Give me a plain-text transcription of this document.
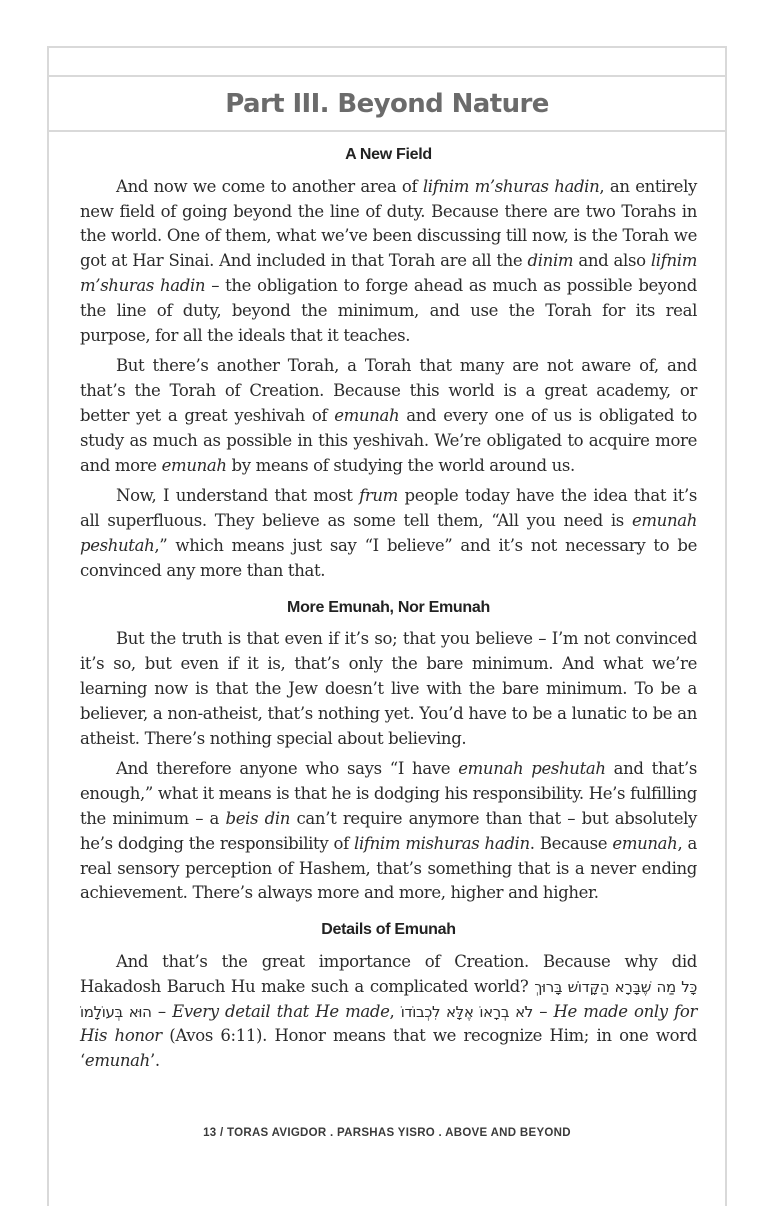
Part III. Beyond Nature
A New Field

And now we come to another area of lifnim m’shuras hadin, an entirely new field of going beyond the line of duty. Because there are two Torahs in the world. One of them, what we’ve been discussing till now, is the Torah we got at Har Sinai. And included in that Torah are all the dinim and also lifnim m’shuras hadin – the obligation to forge ahead as much as possible beyond the line of duty, beyond the minimum, and use the Torah for its real purpose, for all the ideals that it teaches.

But there’s another Torah, a Torah that many are not aware of, and that’s the Torah of Creation. Because this world is a great academy, or better yet a great yeshivah of emunah and every one of us is obligated to study as much as possible in this yeshivah. We’re obligated to acquire more and more emunah by means of studying the world around us.

Now, I understand that most frum people today have the idea that it’s all superfluous. They believe as some tell them, “All you need is emunah peshutah,” which means just say “I believe” and it’s not necessary to be convinced any more than that.

More Emunah, Nor Emunah

But the truth is that even if it’s so; that you believe – I’m not convinced it’s so, but even if it is, that’s only the bare minimum. And what we’re learning now is that the Jew doesn’t live with the bare minimum. To be a believer, a non-atheist, that’s nothing yet. You’d have to be a lunatic to be an atheist. There’s nothing special about believing.

And therefore anyone who says “I have emunah peshutah and that’s enough,” what it means is that he is dodging his responsibility. He’s fulfilling the minimum – a beis din can’t require anymore than that – but absolutely he’s dodging the responsibility of lifnim mishuras hadin. Because emunah, a real sensory perception of Hashem, that’s something that is a never ending achievement. There’s always more and more, higher and higher.

Details of Emunah

And that’s the great importance of Creation. Because why did Hakadosh Baruch Hu make such a complicated world? כָּל מַה שֶׁבָּרָא הַקָּדוֹשׁ בָּרוּךְ הוּא בְּעוֹלָמוֹ – Every detail that He made, לֹא בְרָאוֹ אֶלָּא לִכְבוֹדוֹ – He made only for His honor (Avos 6:11). Honor means that we recognize Him; in one word ‘emunah’.

13 / TORAS AVIGDOR . PARSHAS YISRO . ABOVE AND BEYOND
